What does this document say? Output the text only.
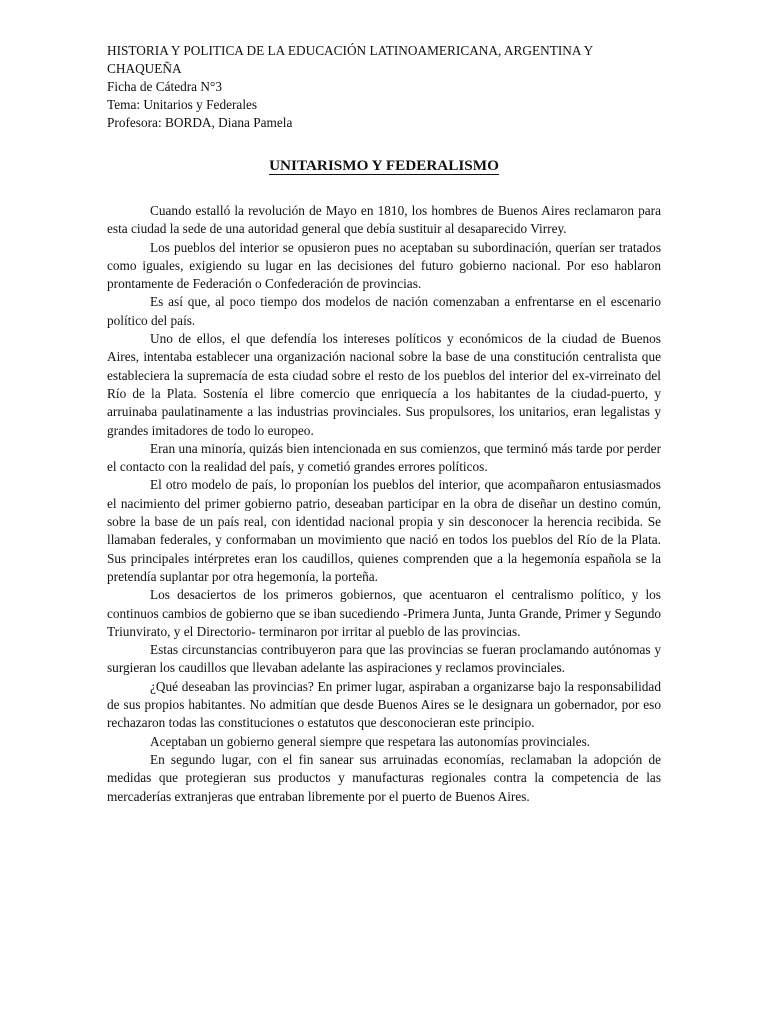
HISTORIA Y POLITICA DE LA EDUCACIÓN LATINOAMERICANA, ARGENTINA Y

CHAQUEÑA

Ficha de Cátedra N°3

Tema: Unitarios y Federales

Profesora: BORDA, Diana Pamela

UNITARISMO Y FEDERALISMO

Cuando estalló la revolución de Mayo en 1810, los hombres de Buenos Aires reclamaron para esta ciudad la sede de una autoridad general que debía sustituir al desaparecido Virrey.

Los pueblos del interior se opusieron pues no aceptaban su subordinación, querían ser tratados como iguales, exigiendo su lugar en las decisiones del futuro gobierno nacional. Por eso hablaron prontamente de Federación o Confederación de provincias.

Es así que, al poco tiempo dos modelos de nación comenzaban a enfrentarse en el escenario político del país.

Uno de ellos, el que defendía los intereses políticos y económicos de la ciudad de Buenos Aires, intentaba establecer una organización nacional sobre la base de una constitución centralista que estableciera la supremacía de esta ciudad sobre el resto de los pueblos del interior del ex-virreinato del Río de la Plata. Sostenía el libre comercio que enriquecía a los habitantes de la ciudad-puerto, y arruinaba paulatinamente a las industrias provinciales. Sus propulsores, los unitarios, eran legalistas y grandes imitadores de todo lo europeo.

Eran una minoría, quizás bien intencionada en sus comienzos, que terminó más tarde por perder el contacto con la realidad del país, y cometió grandes errores políticos.

El otro modelo de país, lo proponían los pueblos del interior, que acompañaron entusiasmados el nacimiento del primer gobierno patrio, deseaban participar en la obra de diseñar un destino común, sobre la base de un país real, con identidad nacional propia y sin desconocer la herencia recibida. Se llamaban federales, y conformaban un movimiento que nació en todos los pueblos del Río de la Plata. Sus principales intérpretes eran los caudillos, quienes comprenden que a la hegemonía española se la pretendía suplantar por otra hegemonía, la porteña.

Los desaciertos de los primeros gobiernos, que acentuaron el centralismo político, y los continuos cambios de gobierno que se iban sucediendo -Primera Junta, Junta Grande, Primer y Segundo Triunvirato, y el Directorio- terminaron por irritar al pueblo de las provincias.

Estas circunstancias contribuyeron para que las provincias se fueran proclamando autónomas y surgieran los caudillos que llevaban adelante las aspiraciones y reclamos provinciales.

¿Qué deseaban las provincias? En primer lugar, aspiraban a organizarse bajo la responsabilidad de sus propios habitantes. No admitían que desde Buenos Aires se le designara un gobernador, por eso rechazaron todas las constituciones o estatutos que desconocieran este principio.

Aceptaban un gobierno general siempre que respetara las autonomías provinciales.

En segundo lugar, con el fin sanear sus arruinadas economías, reclamaban la adopción de medidas que protegieran sus productos y manufacturas regionales contra la competencia de las mercaderías extranjeras que entraban libremente por el puerto de Buenos Aires.
